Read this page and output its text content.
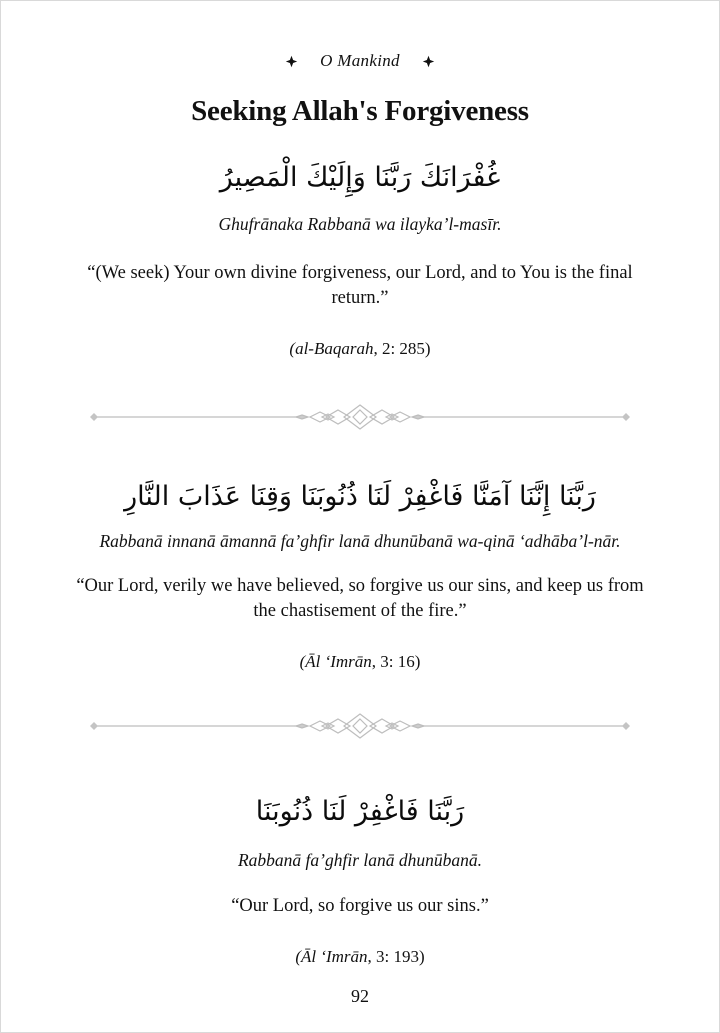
O Mankind
Seeking Allah's Forgiveness
غُفْرَانَكَ رَبَّنَا وَإِلَيْكَ الْمَصِيرُ
Ghufrānaka Rabbanā wa ilayka’l-masīr.
“(We seek) Your own divine forgiveness, our Lord, and to You is the final return.”
(al-Baqarah, 2: 285)
رَبَّنَا إِنَّنَا آمَنَّا فَاغْفِرْ لَنَا ذُنُوبَنَا وَقِنَا عَذَابَ النَّارِ
Rabbanā innanā āmannā fa’ghfir lanā dhunūbanā wa-qinā ‘adhāba’l-nār.
“Our Lord, verily we have believed, so forgive us our sins, and keep us from the chastisement of the fire.”
(Āl ‘Imrān, 3: 16)
رَبَّنَا فَاغْفِرْ لَنَا ذُنُوبَنَا
Rabbanā fa’ghfir lanā dhunūbanā.
“Our Lord, so forgive us our sins.”
(Āl ‘Imrān, 3: 193)
92
